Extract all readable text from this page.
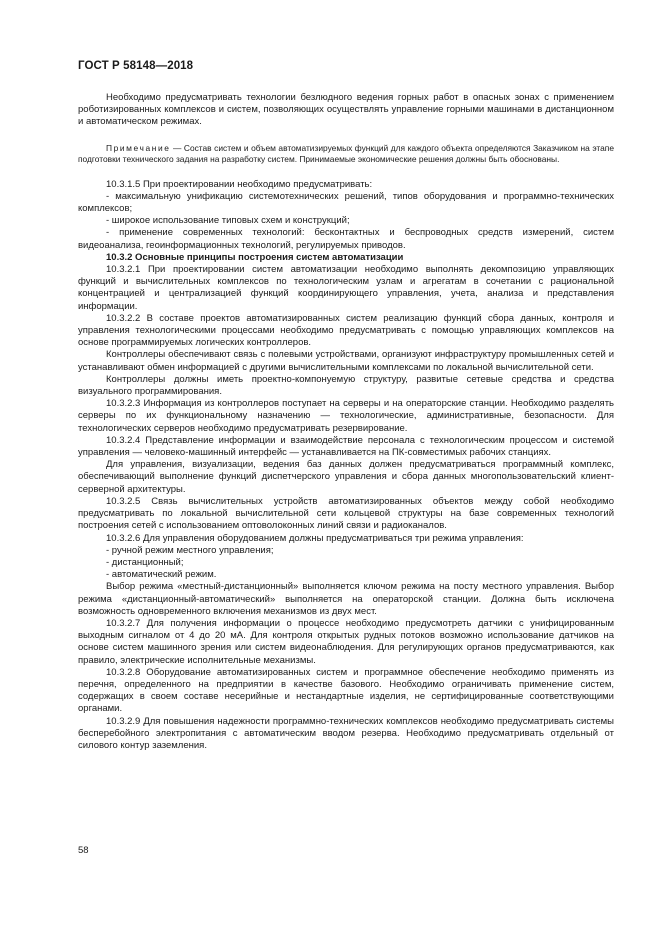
ГОСТ Р 58148—2018

Необходимо предусматривать технологии безлюдного ведения горных работ в опасных зонах с применением роботизированных комплексов и систем, позволяющих осуществлять управление горными машинами в дистанционном и автоматическом режимах.

Примечание — Состав систем и объем автоматизируемых функций для каждого объекта определяются Заказчиком на этапе подготовки технического задания на разработку систем. Принимаемые экономические решения должны быть обоснованы.

10.3.1.5 При проектировании необходимо предусматривать:

- максимальную унификацию системотехнических решений, типов оборудования и программно-технических комплексов;

- широкое использование типовых схем и конструкций;

- применение современных технологий: бесконтактных и беспроводных средств измерений, систем видеоанализа, геоинформационных технологий, регулируемых приводов.

10.3.2 Основные принципы построения систем автоматизации

10.3.2.1 При проектировании систем автоматизации необходимо выполнять декомпозицию управляющих функций и вычислительных комплексов по технологическим узлам и агрегатам в сочетании с рациональной концентрацией и централизацией функций координирующего управления, учета, анализа и представления информации.

10.3.2.2 В составе проектов автоматизированных систем реализацию функций сбора данных, контроля и управления технологическими процессами необходимо предусматривать с помощью управляющих комплексов на основе программируемых логических контроллеров.

Контроллеры обеспечивают связь с полевыми устройствами, организуют инфраструктуру промышленных сетей и устанавливают обмен информацией с другими вычислительными комплексами по локальной вычислительной сети.

Контроллеры должны иметь проектно-компонуемую структуру, развитые сетевые средства и средства визуального программирования.

10.3.2.3 Информация из контроллеров поступает на серверы и на операторские станции. Необходимо разделять серверы по их функциональному назначению — технологические, административные, безопасности. Для технологических серверов необходимо предусматривать резервирование.

10.3.2.4 Представление информации и взаимодействие персонала с технологическим процессом и системой управления — человеко-машинный интерфейс — устанавливается на ПК-совместимых рабочих станциях.

Для управления, визуализации, ведения баз данных должен предусматриваться программный комплекс, обеспечивающий выполнение функций диспетчерского управления и сбора данных многопользовательский клиент-серверной архитектуры.

10.3.2.5 Связь вычислительных устройств автоматизированных объектов между собой необходимо предусматривать по локальной вычислительной сети кольцевой структуры на базе современных технологий построения сетей с использованием оптоволоконных линий связи и радиоканалов.

10.3.2.6 Для управления оборудованием должны предусматриваться три режима управления:

- ручной режим местного управления;

- дистанционный;

- автоматический режим.

Выбор режима «местный-дистанционный» выполняется ключом режима на посту местного управления. Выбор режима «дистанционный-автоматический» выполняется на операторской станции. Должна быть исключена возможность одновременного включения механизмов из двух мест.

10.3.2.7 Для получения информации о процессе необходимо предусмотреть датчики с унифицированным выходным сигналом от 4 до 20 мА. Для контроля открытых рудных потоков возможно использование датчиков на основе систем машинного зрения или систем видеонаблюдения. Для регулирующих органов предусматриваются, как правило, электрические исполнительные механизмы.

10.3.2.8 Оборудование автоматизированных систем и программное обеспечение необходимо применять из перечня, определенного на предприятии в качестве базового. Необходимо ограничивать применение систем, содержащих в своем составе несерийные и нестандартные изделия, не сертифицированные соответствующими органами.

10.3.2.9 Для повышения надежности программно-технических комплексов необходимо предусматривать системы бесперебойного электропитания с автоматическим вводом резерва. Необходимо предусматривать отдельный от силового контур заземления.

58
